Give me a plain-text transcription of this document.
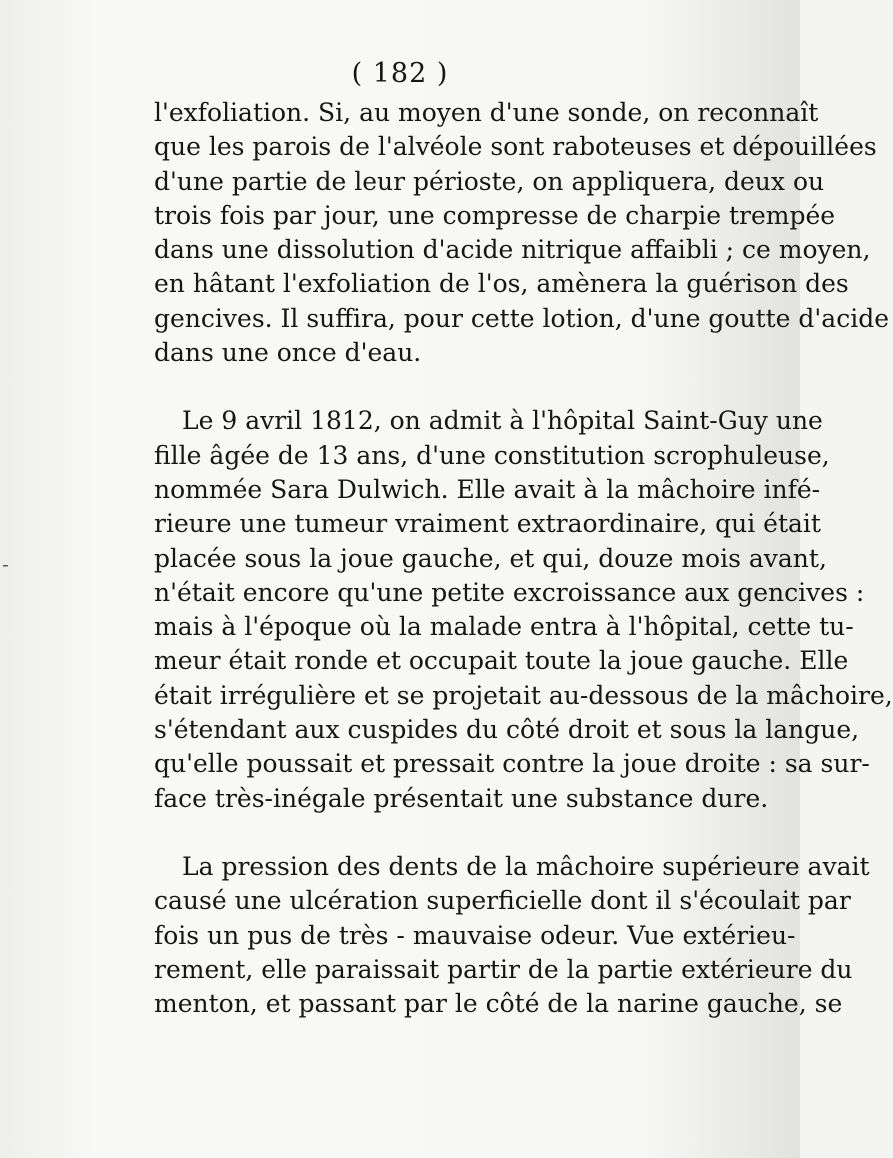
( 182 )
-
l'exfoliation. Si, au moyen d'une sonde, on reconnaît
que les parois de l'alvéole sont raboteuses et dépouillées
d'une partie de leur périoste, on appliquera, deux ou
trois fois par jour, une compresse de charpie trempée
dans une dissolution d'acide nitrique affaibli ; ce moyen,
en hâtant l'exfoliation de l'os, amènera la guérison des
gencives. Il suffira, pour cette lotion, d'une goutte d'acide
dans une once d'eau.
Le 9 avril 1812, on admit à l'hôpital Saint-Guy une
fille âgée de 13 ans, d'une constitution scrophuleuse,
nommée Sara Dulwich. Elle avait à la mâchoire infé-
rieure une tumeur vraiment extraordinaire, qui était
placée sous la joue gauche, et qui, douze mois avant,
n'était encore qu'une petite excroissance aux gencives :
mais à l'époque où la malade entra à l'hôpital, cette tu-
meur était ronde et occupait toute la joue gauche. Elle
était irrégulière et se projetait au-dessous de la mâchoire,
s'étendant aux cuspides du côté droit et sous la langue,
qu'elle poussait et pressait contre la joue droite : sa sur-
face très-inégale présentait une substance dure.
La pression des dents de la mâchoire supérieure avait
causé une ulcération superficielle dont il s'écoulait par
fois un pus de très - mauvaise odeur. Vue extérieu-
rement, elle paraissait partir de la partie extérieure du
menton, et passant par le côté de la narine gauche, se
